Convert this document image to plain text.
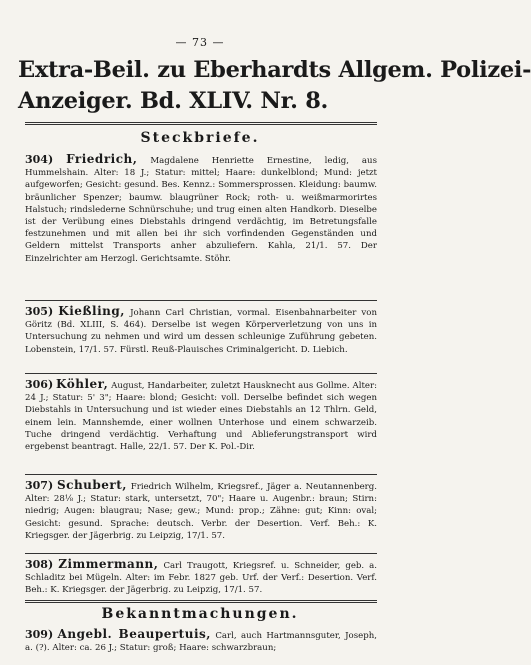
— 73 —
Extra-Beil. zu Eberhardts Allgem. Polizei-
Anzeiger. Bd. XLIV. Nr. 8.
Steckbriefe.
304) Friedrich, Magdalene Henriette Ernestine, ledig, aus Hummelshain. Alter: 18 J.; Statur: mittel; Haare: dunkelblond; Mund: jetzt aufgeworfen; Gesicht: gesund. Bes. Kennz.: Sommersprossen. Kleidung: baumw. bräunlicher Spenzer; baumw. blaugrüner Rock; roth- u. weißmarmorirtes Halstuch; rindslederne Schnürschuhe; und trug einen alten Handkorb. Dieselbe ist der Verübung eines Diebstahls dringend verdächtig, im Betretungsfalle festzunehmen und mit allen bei ihr sich vorfindenden Gegenständen und Geldern mittelst Transports anher abzuliefern. Kahla, 21/1. 57. Der Einzelrichter am Herzogl. Gerichtsamte. Stöhr.
305) Kießling, Johann Carl Christian, vormal. Eisenbahnarbeiter von Göritz (Bd. XLIII, S. 464). Derselbe ist wegen Körperverletzung von uns in Untersuchung zu nehmen und wird um dessen schleunige Zuführung gebeten. Lobenstein, 17/1. 57. Fürstl. Reuß-Plauisches Criminalgericht. D. Liebich.
306) Köhler, August, Handarbeiter, zuletzt Hausknecht aus Gollme. Alter: 24 J.; Statur: 5' 3"; Haare: blond; Gesicht: voll. Derselbe befindet sich wegen Diebstahls in Untersuchung und ist wieder eines Diebstahls an 12 Thlrn. Geld, einem lein. Mannshemde, einer wollnen Unterhose und einem schwarzeib. Tuche dringend verdächtig. Verhaftung und Ablieferungstransport wird ergebenst beantragt. Halle, 22/1. 57. Der K. Pol.-Dir.
307) Schubert, Friedrich Wilhelm, Kriegsref., Jäger a. Neutannenberg. Alter: 28⅛ J.; Statur: stark, untersetzt, 70"; Haare u. Augenbr.: braun; Stirn: niedrig; Augen: blaugrau; Nase; gew.; Mund: prop.; Zähne: gut; Kinn: oval; Gesicht: gesund. Sprache: deutsch. Verbr. der Desertion. Verf. Beh.: K. Kriegsger. der Jägerbrig. zu Leipzig, 17/1. 57.
308) Zimmermann, Carl Traugott, Kriegsref. u. Schneider, geb. a. Schladitz bei Mügeln. Alter: im Febr. 1827 geb. Urf. der Verf.: Desertion. Verf. Beh.: K. Kriegsger. der Jägerbrig. zu Leipzig, 17/1. 57.
Bekanntmachungen.
309) Angebl. Beaupertuis, Carl, auch Hartmannsguter, Joseph, a. (?). Alter: ca. 26 J.; Statur: groß; Haare: schwarzbraun;
